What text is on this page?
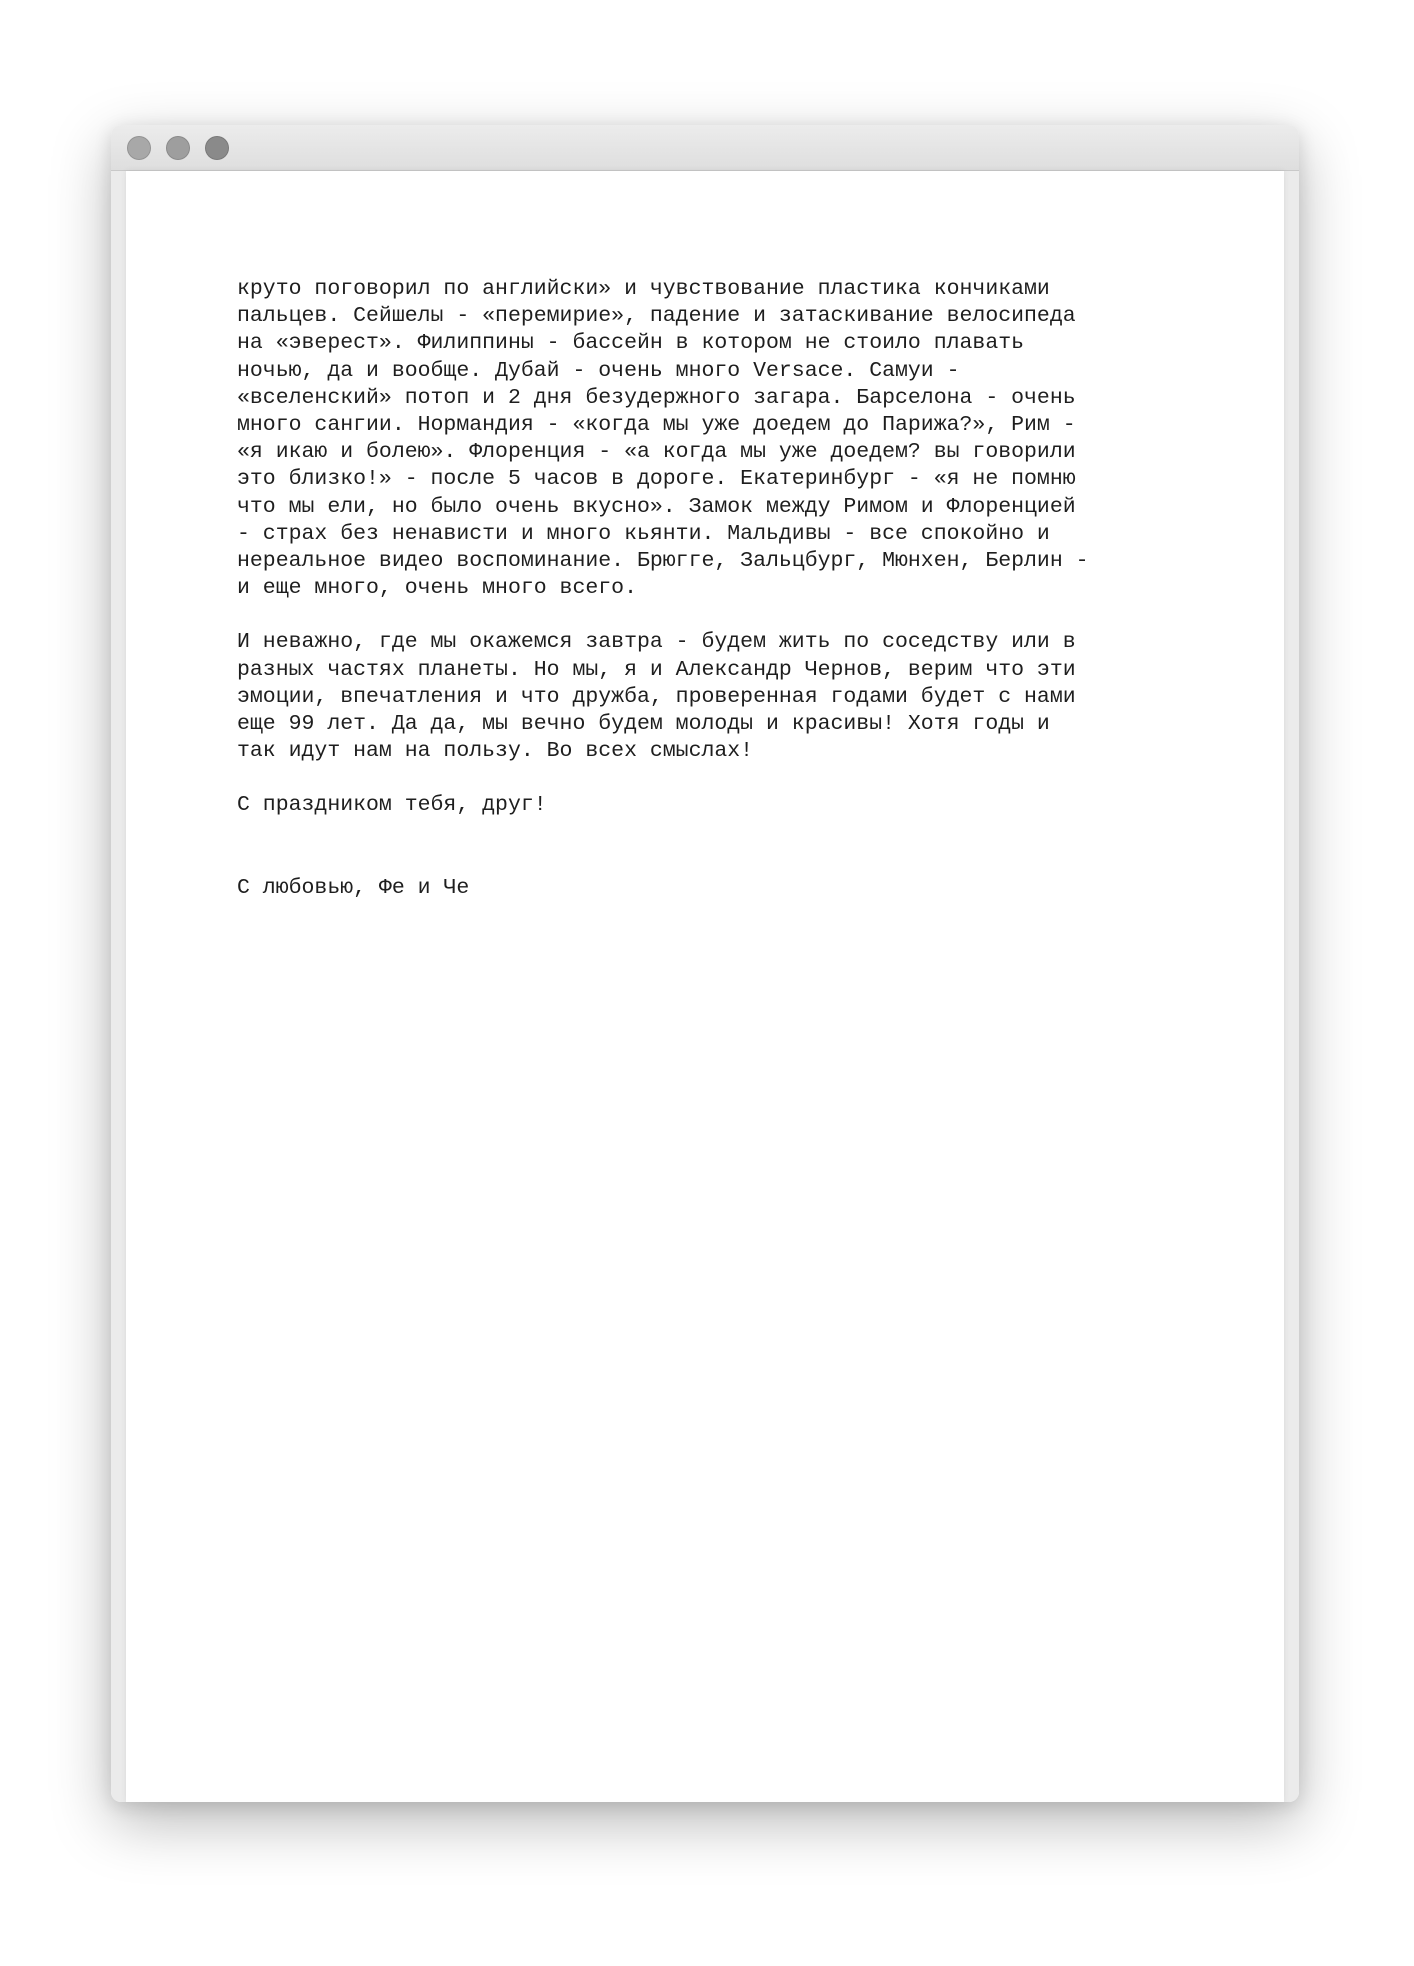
круто поговорил по английски» и чувствование пластика кончиками
пальцев. Сейшелы - «перемирие», падение и затаскивание велосипеда
на «эверест». Филиппины - бассейн в котором не стоило плавать
ночью, да и вообще. Дубай - очень много Versace. Самуи -
«вселенский» потоп и 2 дня безудержного загара. Барселона - очень
много сангии. Нормандия - «когда мы уже доедем до Парижа?», Рим -
«я икаю и болею». Флоренция - «а когда мы уже доедем? вы говорили
это близко!» - после 5 часов в дороге. Екатеринбург - «я не помню
что мы ели, но было очень вкусно». Замок между Римом и Флоренцией
- страх без ненависти и много кьянти. Мальдивы - все спокойно и
нереальное видео воспоминание. Брюгге, Зальцбург, Мюнхен, Берлин -
и еще много, очень много всего.

И неважно, где мы окажемся завтра - будем жить по соседству или в
разных частях планеты. Но мы, я и Александр Чернов, верим что эти
эмоции, впечатления и что дружба, проверенная годами будет с нами
еще 99 лет. Да да, мы вечно будем молоды и красивы! Хотя годы и
так идут нам на пользу. Во всех смыслах!

С праздником тебя, друг!

С любовью, Фе и Че
